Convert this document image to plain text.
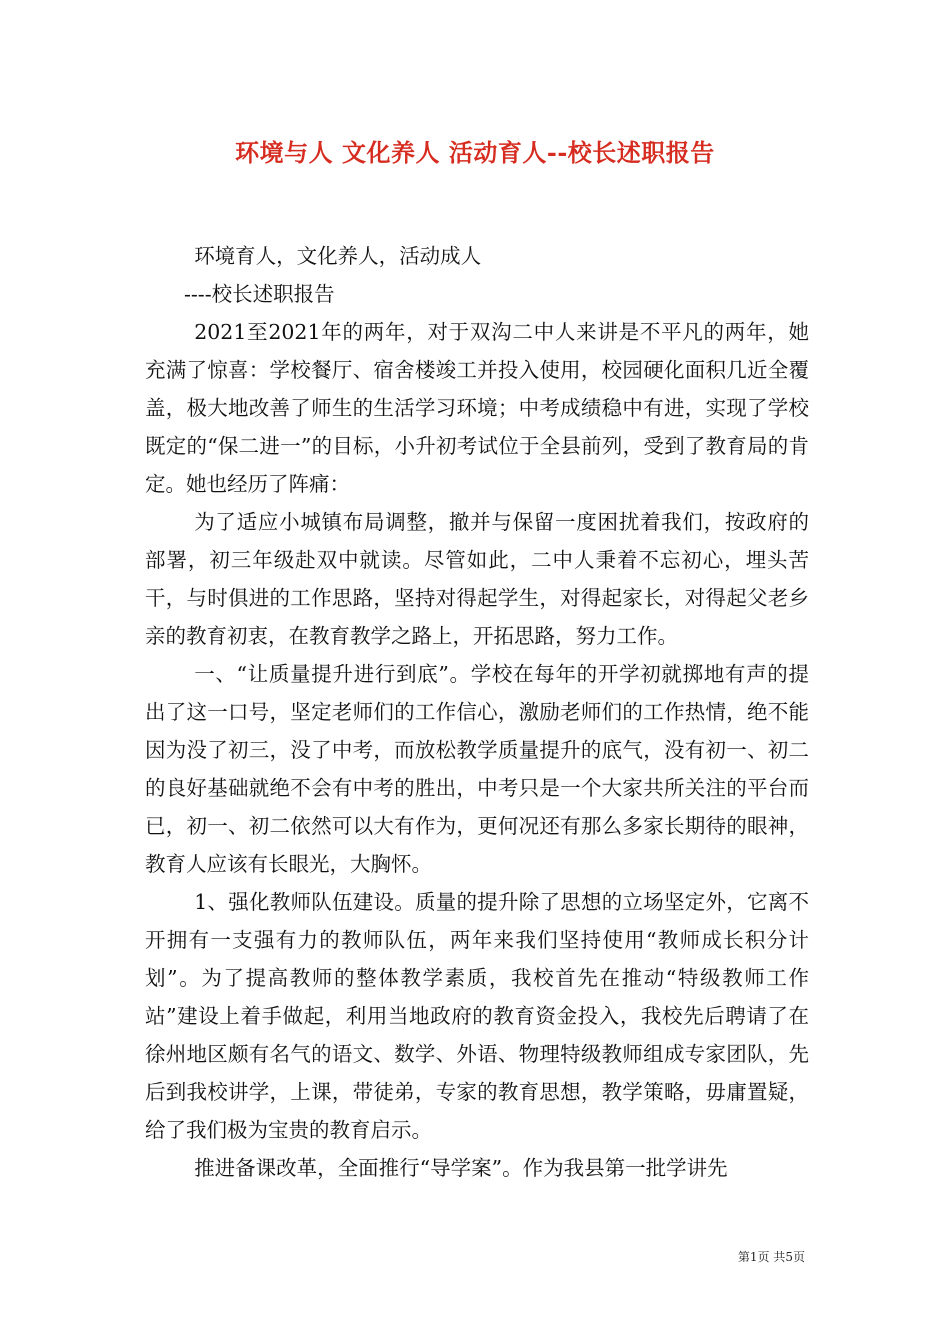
环境与人 文化养人 活动育人--校长述职报告

环境育人，文化养人，活动成人

----校长述职报告

2021至2021年的两年，对于双沟二中人来讲是不平凡的两年，她充满了惊喜：学校餐厅、宿舍楼竣工并投入使用，校园硬化面积几近全覆盖，极大地改善了师生的生活学习环境；中考成绩稳中有进，实现了学校既定的“保二进一”的目标，小升初考试位于全县前列，受到了教育局的肯定。她也经历了阵痛：

为了适应小城镇布局调整，撤并与保留一度困扰着我们，按政府的部署，初三年级赴双中就读。尽管如此，二中人秉着不忘初心，埋头苦干，与时俱进的工作思路，坚持对得起学生，对得起家长，对得起父老乡亲的教育初衷，在教育教学之路上，开拓思路，努力工作。

一、“让质量提升进行到底”。学校在每年的开学初就掷地有声的提出了这一口号，坚定老师们的工作信心，激励老师们的工作热情，绝不能因为没了初三，没了中考，而放松教学质量提升的底气，没有初一、初二的良好基础就绝不会有中考的胜出，中考只是一个大家共所关注的平台而已，初一、初二依然可以大有作为，更何况还有那么多家长期待的眼神，教育人应该有长眼光，大胸怀。

1、强化教师队伍建设。质量的提升除了思想的立场坚定外，它离不开拥有一支强有力的教师队伍，两年来我们坚持使用“教师成长积分计划”。为了提高教师的整体教学素质，我校首先在推动“特级教师工作站”建设上着手做起，利用当地政府的教育资金投入，我校先后聘请了在徐州地区颇有名气的语文、数学、外语、物理特级教师组成专家团队，先后到我校讲学，上课，带徒弟，专家的教育思想，教学策略，毋庸置疑，给了我们极为宝贵的教育启示。

推进备课改革，全面推行“导学案”。作为我县第一批学讲先

第1页 共5页
